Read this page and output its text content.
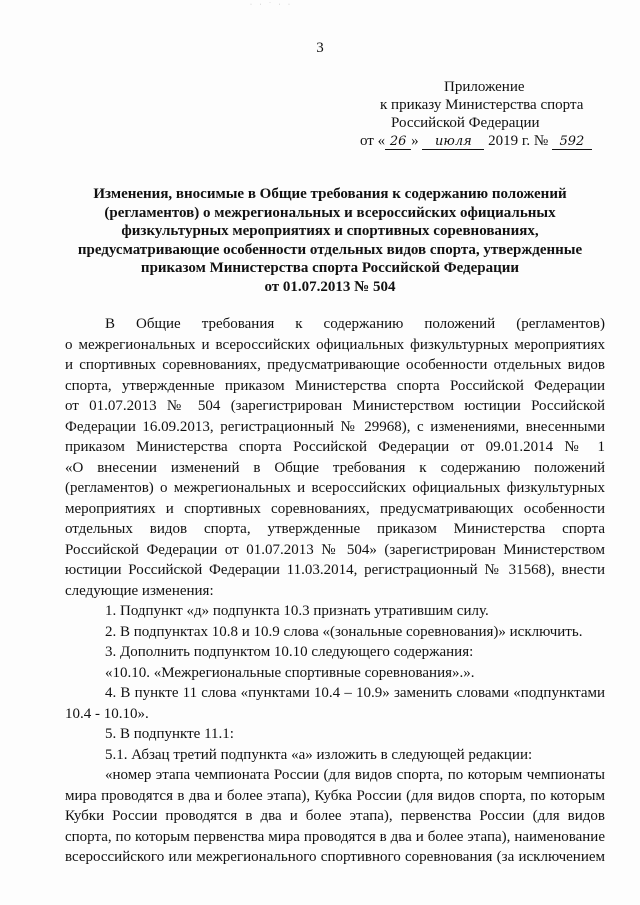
· · ˙ · ·
3
Приложение
к приказу Министерства спорта
Российской Федерации
от « 26 » июля 2019 г. № 592
Изменения, вносимые в Общие требования к содержанию положений
(регламентов) о межрегиональных и всероссийских официальных
физкультурных мероприятиях и спортивных соревнованиях,
предусматривающие особенности отдельных видов спорта, утвержденные
приказом Министерства спорта Российской Федерации
от 01.07.2013 № 504
В Общие требования к содержанию положений (регламентов)
о межрегиональных и всероссийских официальных физкультурных мероприятиях
и спортивных соревнованиях, предусматривающие особенности отдельных видов
спорта, утвержденные приказом Министерства спорта Российской Федерации
от 01.07.2013 № 504 (зарегистрирован Министерством юстиции Российской
Федерации 16.09.2013, регистрационный № 29968), с изменениями, внесенными
приказом Министерства спорта Российской Федерации от 09.01.2014 № 1
«О внесении изменений в Общие требования к содержанию положений
(регламентов) о межрегиональных и всероссийских официальных физкультурных
мероприятиях и спортивных соревнованиях, предусматривающих особенности
отдельных видов спорта, утвержденные приказом Министерства спорта
Российской Федерации от 01.07.2013 № 504» (зарегистрирован Министерством
юстиции Российской Федерации 11.03.2014, регистрационный № 31568), внести
следующие изменения:
1. Подпункт «д» подпункта 10.3 признать утратившим силу.
2. В подпунктах 10.8 и 10.9 слова «(зональные соревнования)» исключить.
3. Дополнить подпунктом 10.10 следующего содержания:
«10.10. «Межрегиональные спортивные соревнования».».
4. В пункте 11 слова «пунктами 10.4 – 10.9» заменить словами «подпунктами
10.4 - 10.10».
5. В подпункте 11.1:
5.1. Абзац третий подпункта «а» изложить в следующей редакции:
«номер этапа чемпионата России (для видов спорта, по которым чемпионаты
мира проводятся в два и более этапа), Кубка России (для видов спорта, по которым
Кубки России проводятся в два и более этапа), первенства России (для видов
спорта, по которым первенства мира проводятся в два и более этапа), наименование
всероссийского или межрегионального спортивного соревнования (за исключением
